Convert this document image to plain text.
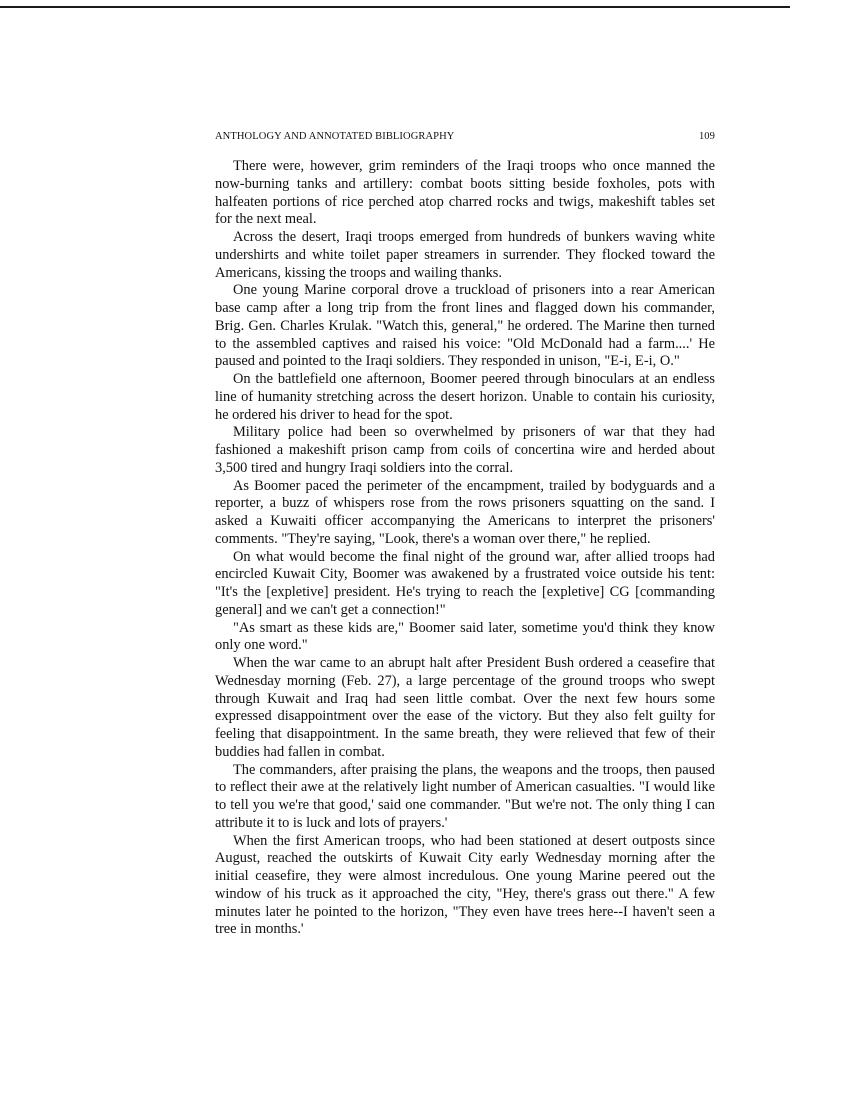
ANTHOLOGY AND ANNOTATED BIBLIOGRAPHY	109

There were, however, grim reminders of the Iraqi troops who once manned the now-burning tanks and artillery: combat boots sitting beside foxholes, pots with halfeaten portions of rice perched atop charred rocks and twigs, makeshift tables set for the next meal.

Across the desert, Iraqi troops emerged from hundreds of bunkers waving white undershirts and white toilet paper streamers in surrender. They flocked toward the Americans, kissing the troops and wailing thanks.

One young Marine corporal drove a truckload of prisoners into a rear American base camp after a long trip from the front lines and flagged down his commander, Brig. Gen. Charles Krulak. "Watch this, general," he ordered. The Marine then turned to the assembled captives and raised his voice: "Old McDonald had a farm....' He paused and pointed to the Iraqi soldiers. They responded in unison, "E-i, E-i, O."

On the battlefield one afternoon, Boomer peered through binoculars at an endless line of humanity stretching across the desert horizon. Unable to contain his curiosity, he ordered his driver to head for the spot.

Military police had been so overwhelmed by prisoners of war that they had fashioned a makeshift prison camp from coils of concertina wire and herded about 3,500 tired and hungry Iraqi soldiers into the corral.

As Boomer paced the perimeter of the encampment, trailed by bodyguards and a reporter, a buzz of whispers rose from the rows prisoners squatting on the sand. I asked a Kuwaiti officer accompanying the Americans to interpret the prisoners' comments. "They're saying, "Look, there's a woman over there," he replied.

On what would become the final night of the ground war, after allied troops had encircled Kuwait City, Boomer was awakened by a frustrated voice outside his tent: "It's the [expletive] president. He's trying to reach the [expletive] CG [commanding general] and we can't get a connection!"

"As smart as these kids are," Boomer said later, sometime you'd think they know only one word."

When the war came to an abrupt halt after President Bush ordered a ceasefire that Wednesday morning (Feb. 27), a large percentage of the ground troops who swept through Kuwait and Iraq had seen little combat. Over the next few hours some expressed disappointment over the ease of the victory. But they also felt guilty for feeling that disappointment. In the same breath, they were relieved that few of their buddies had fallen in combat.

The commanders, after praising the plans, the weapons and the troops, then paused to reflect their awe at the relatively light number of American casualties. "I would like to tell you we're that good,' said one commander. "But we're not. The only thing I can attribute it to is luck and lots of prayers.'

When the first American troops, who had been stationed at desert outposts since August, reached the outskirts of Kuwait City early Wednesday morning after the initial ceasefire, they were almost incredulous. One young Marine peered out the window of his truck as it approached the city, "Hey, there's grass out there." A few minutes later he pointed to the horizon, "They even have trees here--I haven't seen a tree in months.'
